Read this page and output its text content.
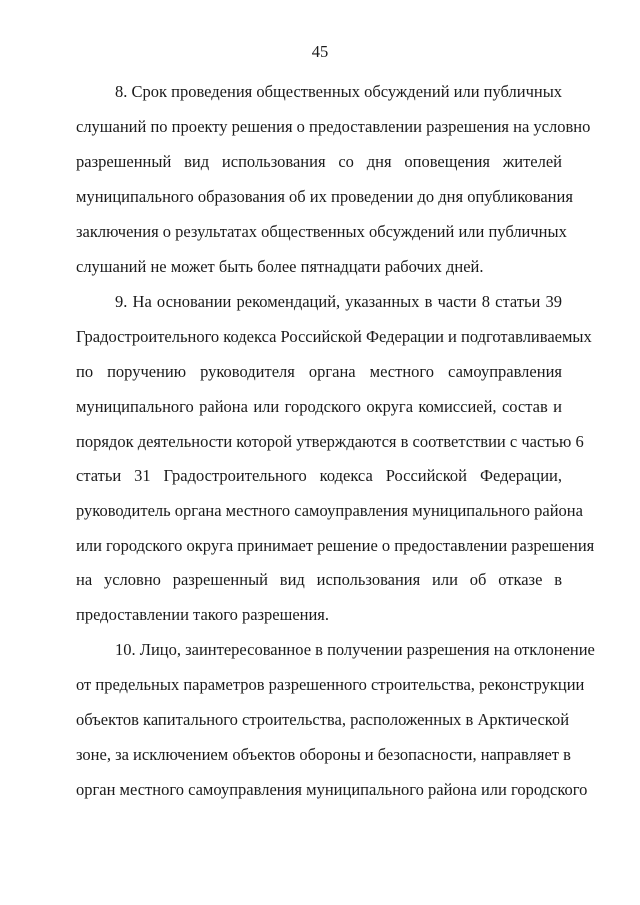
45
8. Срок проведения общественных обсуждений или публичных
слушаний по проекту решения о предоставлении разрешения на условно
разрешенный вид использования со дня оповещения жителей
муниципального образования об их проведении до дня опубликования
заключения о результатах общественных обсуждений или публичных
слушаний не может быть более пятнадцати рабочих дней.
9. На основании рекомендаций, указанных в части 8 статьи 39
Градостроительного кодекса Российской Федерации и подготавливаемых
по поручению руководителя органа местного самоуправления
муниципального района или городского округа комиссией, состав и
порядок деятельности которой утверждаются в соответствии с частью 6
статьи 31 Градостроительного кодекса Российской Федерации,
руководитель органа местного самоуправления муниципального района
или городского округа принимает решение о предоставлении разрешения
на условно разрешенный вид использования или об отказе в
предоставлении такого разрешения.
10. Лицо, заинтересованное в получении разрешения на отклонение
от предельных параметров разрешенного строительства, реконструкции
объектов капитального строительства, расположенных в Арктической
зоне, за исключением объектов обороны и безопасности, направляет в
орган местного самоуправления муниципального района или городского
